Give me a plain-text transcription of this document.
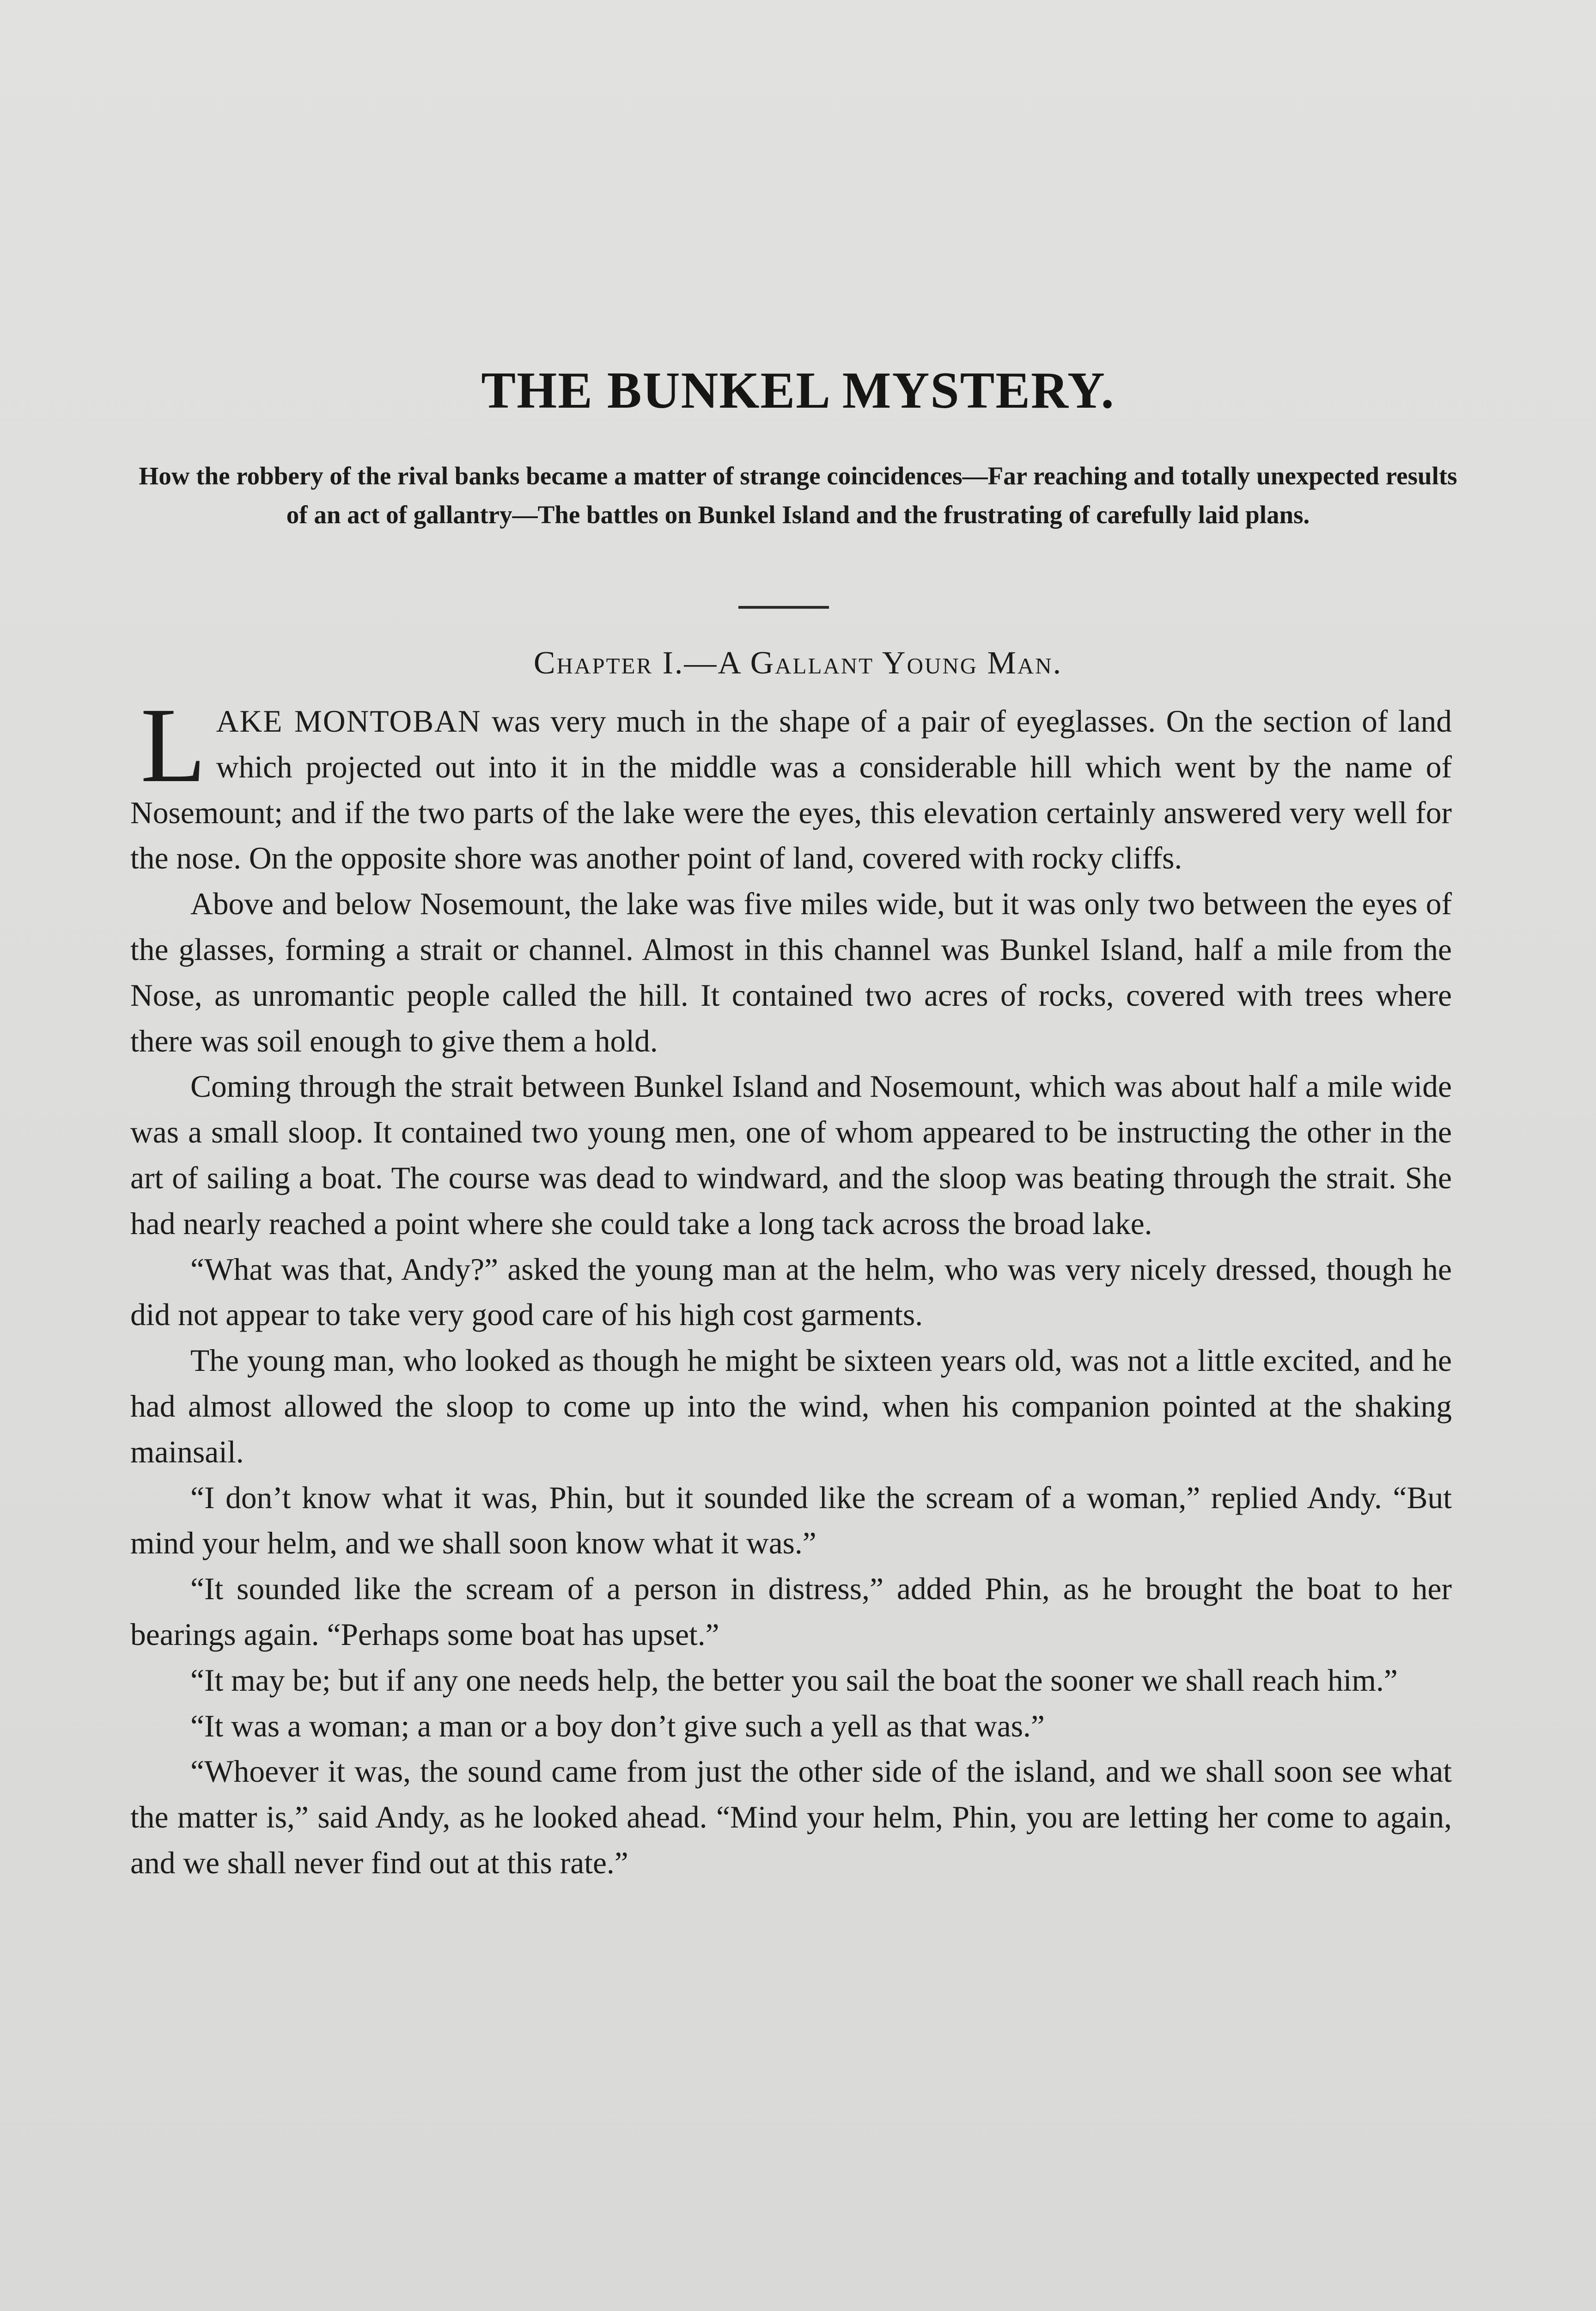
THE BUNKEL MYSTERY.
How the robbery of the rival banks became a matter of strange coincidences—Far reaching and totally unexpected results of an act of gallantry—The battles on Bunkel Island and the frustrating of carefully laid plans.
Chapter I.—A Gallant Young Man.

LAKE MONTOBAN was very much in the shape of a pair of eyeglasses. On the section of land which projected out into it in the middle was a considerable hill which went by the name of Nosemount; and if the two parts of the lake were the eyes, this elevation certainly answered very well for the nose. On the opposite shore was another point of land, covered with rocky cliffs.

Above and below Nosemount, the lake was five miles wide, but it was only two between the eyes of the glasses, forming a strait or channel. Almost in this channel was Bunkel Island, half a mile from the Nose, as unromantic people called the hill. It contained two acres of rocks, covered with trees where there was soil enough to give them a hold.

Coming through the strait between Bunkel Island and Nosemount, which was about half a mile wide was a small sloop. It contained two young men, one of whom appeared to be instructing the other in the art of sailing a boat. The course was dead to windward, and the sloop was beating through the strait. She had nearly reached a point where she could take a long tack across the broad lake.

“What was that, Andy?” asked the young man at the helm, who was very nicely dressed, though he did not appear to take very good care of his high cost garments.

The young man, who looked as though he might be sixteen years old, was not a little excited, and he had almost allowed the sloop to come up into the wind, when his companion pointed at the shaking mainsail.

“I don’t know what it was, Phin, but it sounded like the scream of a woman,” replied Andy. “But mind your helm, and we shall soon know what it was.”

“It sounded like the scream of a person in distress,” added Phin, as he brought the boat to her bearings again. “Perhaps some boat has upset.”

“It may be; but if any one needs help, the better you sail the boat the sooner we shall reach him.”

“It was a woman; a man or a boy don’t give such a yell as that was.”

“Whoever it was, the sound came from just the other side of the island, and we shall soon see what the matter is,” said Andy, as he looked ahead. “Mind your helm, Phin, you are letting her come to again, and we shall never find out at this rate.”
